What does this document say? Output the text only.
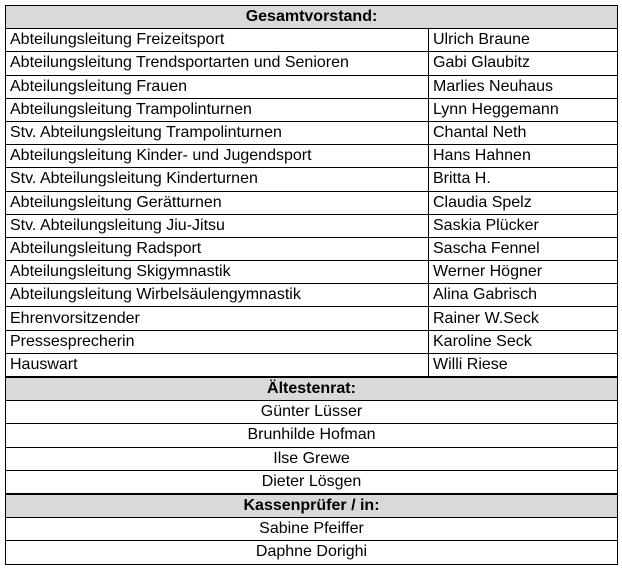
Gesamtvorstand:	
Abteilungsleitung Freizeitsport	Ulrich Braune
Abteilungsleitung Trendsportarten und Senioren	Gabi Glaubitz
Abteilungsleitung Frauen	Marlies Neuhaus
Abteilungsleitung Trampolinturnen	Lynn Heggemann
Stv. Abteilungsleitung Trampolinturnen	Chantal Neth
Abteilungsleitung Kinder- und Jugendsport	Hans Hahnen
Stv. Abteilungsleitung Kinderturnen	Britta H.
Abteilungsleitung Gerätturnen	Claudia Spelz
Stv. Abteilungsleitung Jiu-Jitsu	Saskia Plücker
Abteilungsleitung Radsport	Sascha Fennel
Abteilungsleitung Skigymnastik	Werner Högner
Abteilungsleitung Wirbelsäulengymnastik	Alina Gabrisch
Ehrenvorsitzender	Rainer W.Seck
Pressesprecherin	Karoline Seck
Hauswart	Willi Riese
Ältestenrat:	
Günter Lüsser	
Brunhilde Hofman	
Ilse Grewe	
Dieter Lösgen	
Kassenprüfer / in:	
Sabine Pfeiffer	
Daphne Dorighi	
